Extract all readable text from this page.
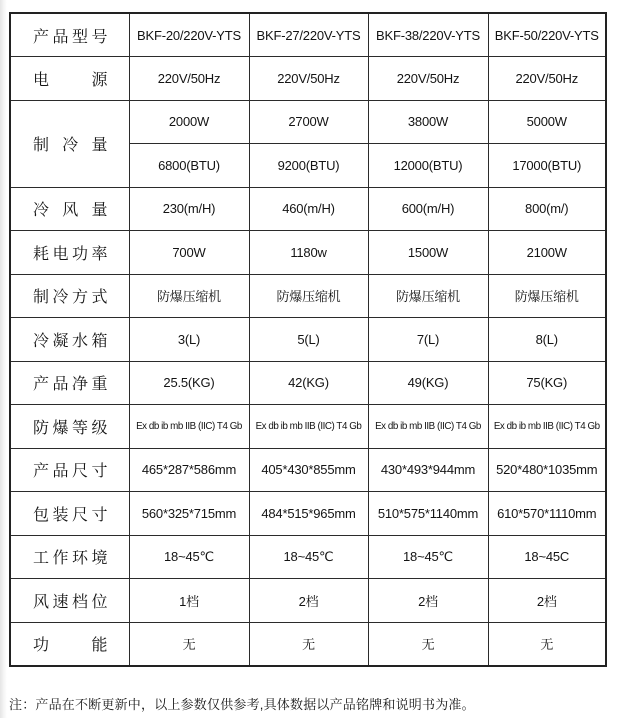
产品型号	BKF-20/220V-YTS	BKF-27/220V-YTS	BKF-38/220V-YTS	BKF-50/220V-YTS
电源	220V/50Hz	220V/50Hz	220V/50Hz	220V/50Hz
制冷量	2000W	2700W	3800W	5000W
	6800(BTU)	9200(BTU)	12000(BTU)	17000(BTU)
冷风量	230(m/H)	460(m/H)	600(m/H)	800(m/)
耗电功率	700W	1180w	1500W	2100W
制冷方式	防爆压缩机	防爆压缩机	防爆压缩机	防爆压缩机
冷凝水箱	3(L)	5(L)	7(L)	8(L)
产品净重	25.5(KG)	42(KG)	49(KG)	75(KG)
防爆等级	Ex db ib mb IIB (IIC) T4 Gb	Ex db ib mb IIB (IIC) T4 Gb	Ex db ib mb IIB (IIC) T4 Gb	Ex db ib mb IIB (IIC) T4 Gb
产品尺寸	465*287*586mm	405*430*855mm	430*493*944mm	520*480*1035mm
包装尺寸	560*325*715mm	484*515*965mm	510*575*1140mm	610*570*1110mm
工作环境	18~45℃	18~45℃	18~45℃	18~45C
风速档位	1档	2档	2档	2档
功能	无	无	无	无
注：产品在不断更新中，以上参数仅供参考,具体数据以产品铭牌和说明书为准。
